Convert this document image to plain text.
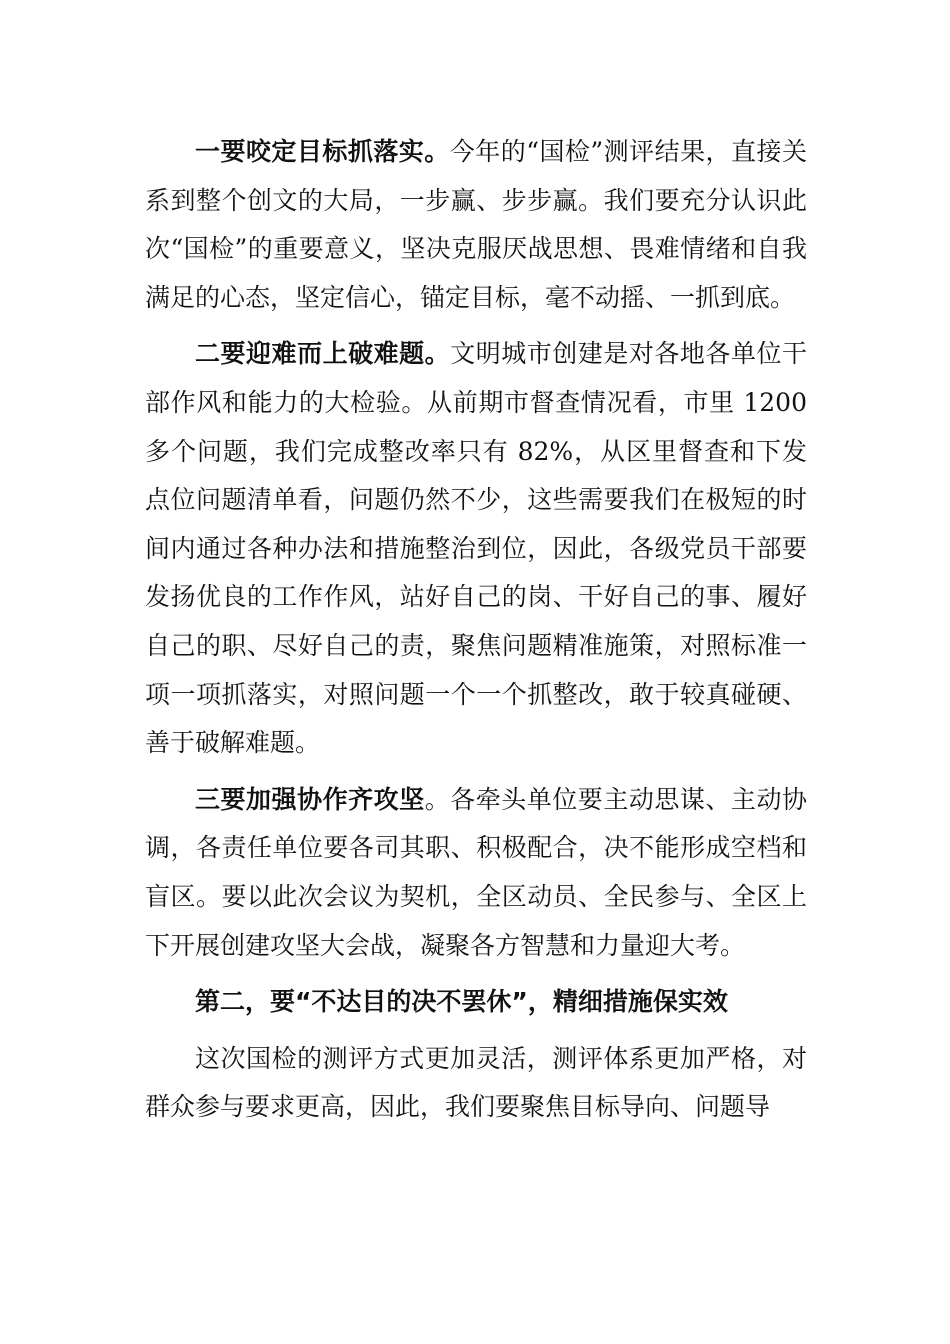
一要咬定目标抓落实。今年的“国检”测评结果，直接关系到整个创文的大局，一步赢、步步赢。我们要充分认识此次“国检”的重要意义，坚决克服厌战思想、畏难情绪和自我满足的心态，坚定信心，锚定目标，毫不动摇、一抓到底。

二要迎难而上破难题。文明城市创建是对各地各单位干部作风和能力的大检验。从前期市督查情况看，市里 1200 多个问题，我们完成整改率只有 82%，从区里督查和下发点位问题清单看，问题仍然不少，这些需要我们在极短的时间内通过各种办法和措施整治到位，因此，各级党员干部要发扬优良的工作作风，站好自己的岗、干好自己的事、履好自己的职、尽好自己的责，聚焦问题精准施策，对照标准一项一项抓落实，对照问题一个一个抓整改，敢于较真碰硬、善于破解难题。

三要加强协作齐攻坚。各牵头单位要主动思谋、主动协调，各责任单位要各司其职、积极配合，决不能形成空档和盲区。要以此次会议为契机，全区动员、全民参与、全区上下开展创建攻坚大会战，凝聚各方智慧和力量迎大考。

第二，要“不达目的决不罢休”，精细措施保实效

这次国检的测评方式更加灵活，测评体系更加严格，对群众参与要求更高，因此，我们要聚焦目标导向、问题导
